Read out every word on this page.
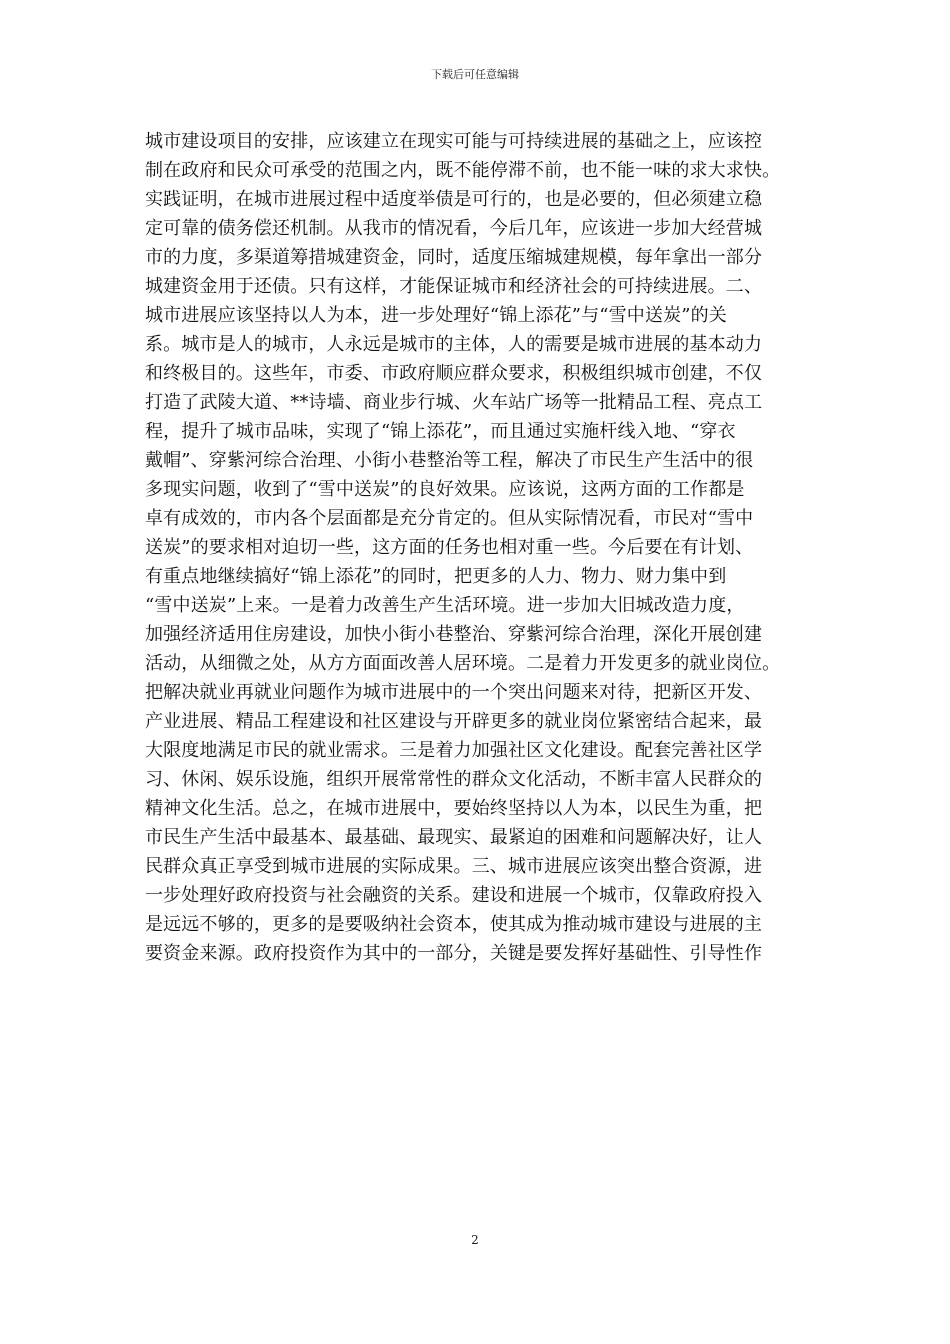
下载后可任意编辑
城市建设项目的安排，应该建立在现实可能与可持续进展的基础之上，应该控
制在政府和民众可承受的范围之内，既不能停滞不前，也不能一味的求大求快。
实践证明，在城市进展过程中适度举债是可行的，也是必要的，但必须建立稳
定可靠的债务偿还机制。从我市的情况看，今后几年，应该进一步加大经营城
市的力度，多渠道筹措城建资金，同时，适度压缩城建规模，每年拿出一部分
城建资金用于还债。只有这样，才能保证城市和经济社会的可持续进展。二、
城市进展应该坚持以人为本，进一步处理好“锦上添花”与“雪中送炭”的关
系。城市是人的城市，人永远是城市的主体，人的需要是城市进展的基本动力
和终极目的。这些年，市委、市政府顺应群众要求，积极组织城市创建，不仅
打造了武陵大道、**诗墙、商业步行城、火车站广场等一批精品工程、亮点工
程，提升了城市品味，实现了“锦上添花”，而且通过实施杆线入地、“穿衣
戴帽”、穿紫河综合治理、小街小巷整治等工程，解决了市民生产生活中的很
多现实问题，收到了“雪中送炭”的良好效果。应该说，这两方面的工作都是
卓有成效的，市内各个层面都是充分肯定的。但从实际情况看，市民对“雪中
送炭”的要求相对迫切一些，这方面的任务也相对重一些。今后要在有计划、
有重点地继续搞好“锦上添花”的同时，把更多的人力、物力、财力集中到
“雪中送炭”上来。一是着力改善生产生活环境。进一步加大旧城改造力度，
加强经济适用住房建设，加快小街小巷整治、穿紫河综合治理，深化开展创建
活动，从细微之处，从方方面面改善人居环境。二是着力开发更多的就业岗位。
把解决就业再就业问题作为城市进展中的一个突出问题来对待，把新区开发、
产业进展、精品工程建设和社区建设与开辟更多的就业岗位紧密结合起来，最
大限度地满足市民的就业需求。三是着力加强社区文化建设。配套完善社区学
习、休闲、娱乐设施，组织开展常常性的群众文化活动，不断丰富人民群众的
精神文化生活。总之，在城市进展中，要始终坚持以人为本，以民生为重，把
市民生产生活中最基本、最基础、最现实、最紧迫的困难和问题解决好，让人
民群众真正享受到城市进展的实际成果。三、城市进展应该突出整合资源，进
一步处理好政府投资与社会融资的关系。建设和进展一个城市，仅靠政府投入
是远远不够的，更多的是要吸纳社会资本，使其成为推动城市建设与进展的主
要资金来源。政府投资作为其中的一部分，关键是要发挥好基础性、引导性作
2
